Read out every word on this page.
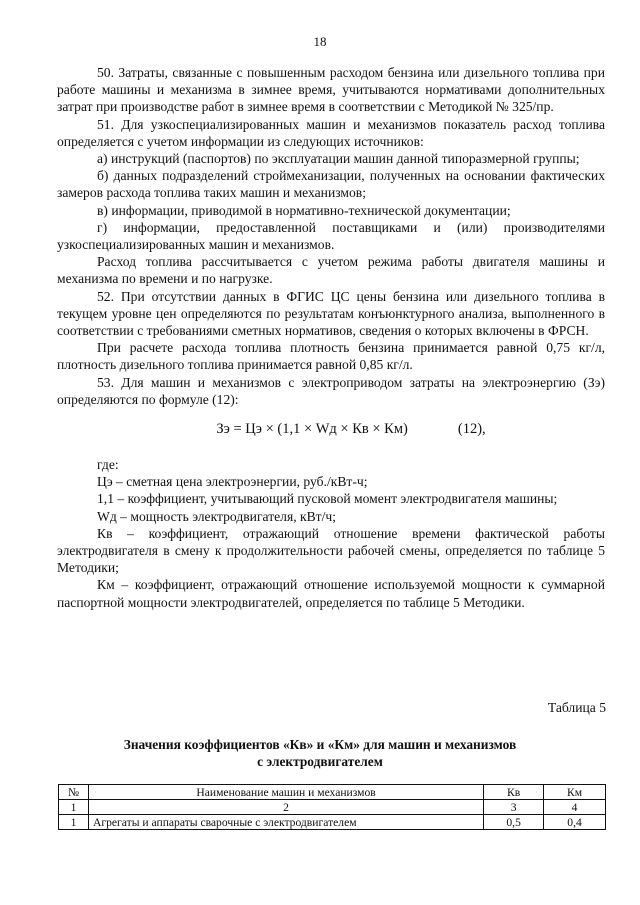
18

50. Затраты, связанные с повышенным расходом бензина или дизельного топлива при работе машины и механизма в зимнее время, учитываются нормативами дополнительных затрат при производстве работ в зимнее время в соответствии с Методикой № 325/пр.

51. Для узкоспециализированных машин и механизмов показатель расход топлива определяется с учетом информации из следующих источников:

а) инструкций (паспортов) по эксплуатации машин данной типоразмерной группы;

б) данных подразделений строймеханизации, полученных на основании фактических замеров расхода топлива таких машин и механизмов;

в) информации, приводимой в нормативно-технической документации;

г) информации, предоставленной поставщиками и (или) производителями узкоспециализированных машин и механизмов.

Расход топлива рассчитывается с учетом режима работы двигателя машины и механизма по времени и по нагрузке.

52. При отсутствии данных в ФГИС ЦС цены бензина или дизельного топлива в текущем уровне цен определяются по результатам конъюнктурного анализа, выполненного в соответствии с требованиями сметных нормативов, сведения о которых включены в ФРСН.

При расчете расхода топлива плотность бензина принимается равной 0,75 кг/л, плотность дизельного топлива принимается равной 0,85 кг/л.

53. Для машин и механизмов с электроприводом затраты на электроэнергию (Зэ) определяются по формуле (12):

Зэ = Цэ × (1,1 × Wд × Кв × Км)	(12),

где:

Цэ – сметная цена электроэнергии, руб./кВт-ч;

1,1 – коэффициент, учитывающий пусковой момент электродвигателя машины;

Wд – мощность электродвигателя, кВт/ч;

Кв – коэффициент, отражающий отношение времени фактической работы электродвигателя в смену к продолжительности рабочей смены, определяется по таблице 5 Методики;

Км – коэффициент, отражающий отношение используемой мощности к суммарной паспортной мощности электродвигателей, определяется по таблице 5 Методики.

Таблица 5
Значения коэффициентов «Кв» и «Км» для машин и механизмов с электродвигателем
№	Наименование машин и механизмов	Кв	Км
1	2	3	4
1	Агрегаты и аппараты сварочные с электродвигателем	0,5	0,4
